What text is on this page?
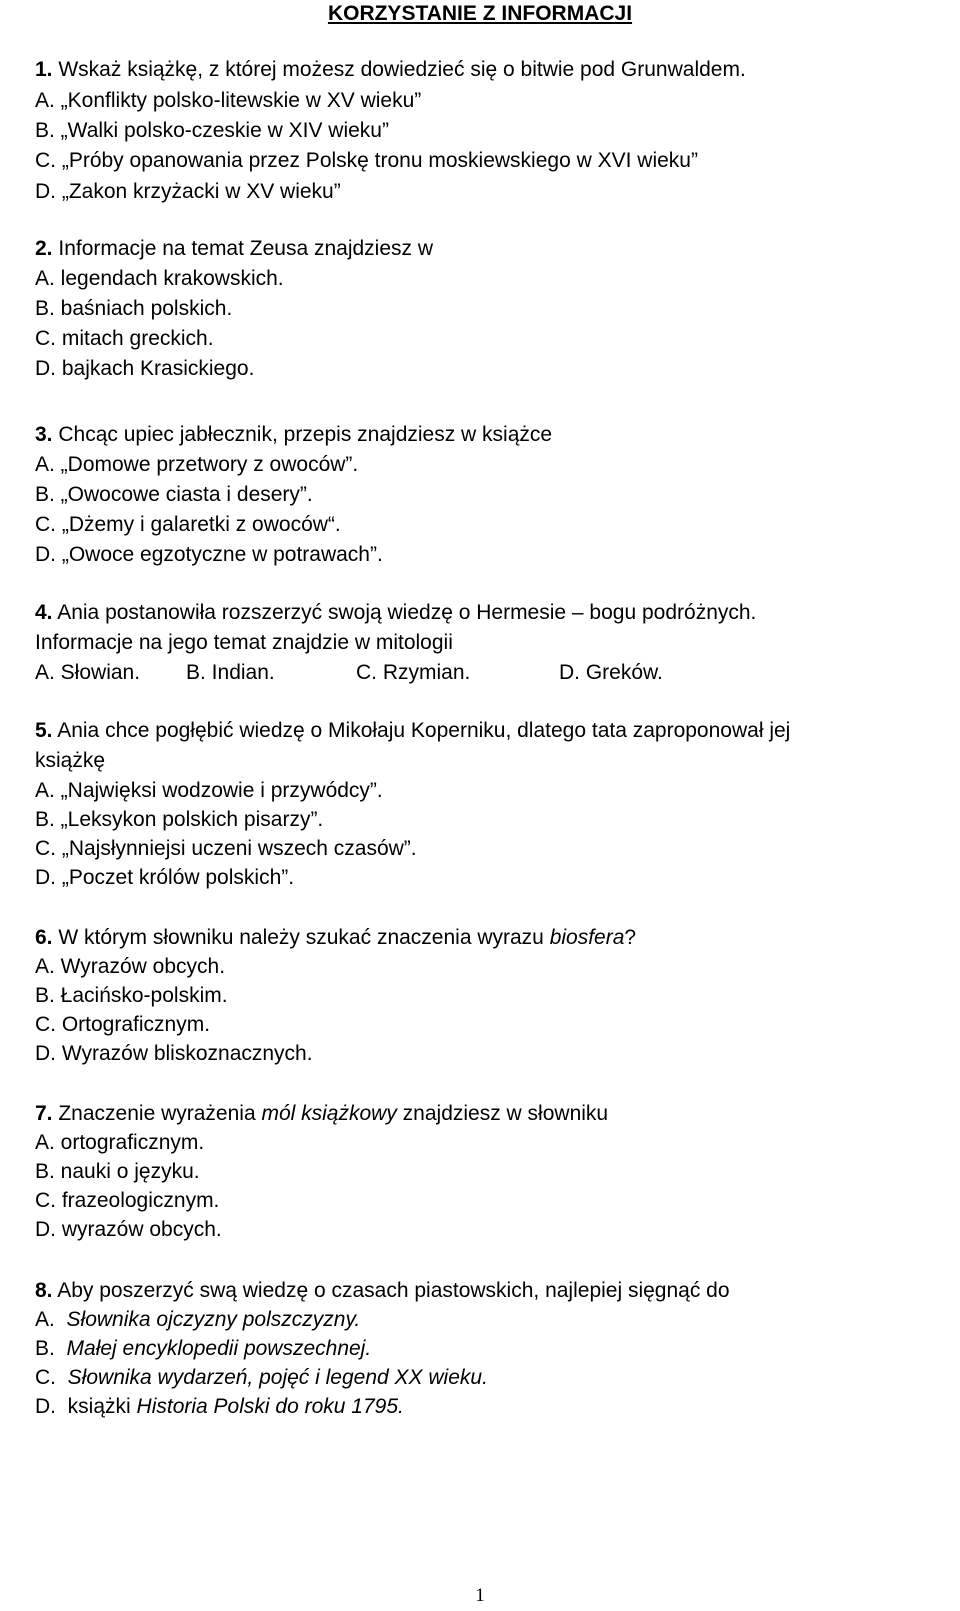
KORZYSTANIE Z INFORMACJI
1. Wskaż książkę, z której możesz dowiedzieć się o bitwie pod Grunwaldem.
A. „Konflikty polsko-litewskie w XV wieku”
B. „Walki polsko-czeskie w XIV wieku”
C. „Próby opanowania przez Polskę tronu moskiewskiego w XVI wieku”
D. „Zakon krzyżacki w XV wieku”
2. Informacje na temat Zeusa znajdziesz w
A. legendach krakowskich.
B. baśniach polskich.
C. mitach greckich.
D. bajkach Krasickiego.
3. Chcąc upiec jabłecznik, przepis znajdziesz w książce
A. „Domowe przetwory z owoców”.
B. „Owocowe ciasta i desery”.
C. „Dżemy i galaretki z owoców“.
D. „Owoce egzotyczne w potrawach”.
4. Ania postanowiła rozszerzyć swoją wiedzę o Hermesie – bogu podróżnych.
Informacje na jego temat znajdzie w mitologii
A. Słowian. B. Indian.	C. Rzymian.	D. Greków.
5. Ania chce pogłębić wiedzę o Mikołaju Koperniku, dlatego tata zaproponował jej
książkę
A. „Najwięksi wodzowie i przywódcy”.
B. „Leksykon polskich pisarzy”.
C. „Najsłynniejsi uczeni wszech czasów”.
D. „Poczet królów polskich”.
6. W którym słowniku należy szukać znaczenia wyrazu biosfera?
A. Wyrazów obcych.
B. Łacińsko-polskim.
C. Ortograficznym.
D. Wyrazów bliskoznacznych.
7. Znaczenie wyrażenia mól książkowy znajdziesz w słowniku
A. ortograficznym.
B. nauki o języku.
C. frazeologicznym.
D. wyrazów obcych.
8. Aby poszerzyć swą wiedzę o czasach piastowskich, najlepiej sięgnąć do
A. Słownika ojczyzny polszczyzny.
B. Małej encyklopedii powszechnej.
C. Słownika wydarzeń, pojęć i legend XX wieku.
D. książki Historia Polski do roku 1795.
1
